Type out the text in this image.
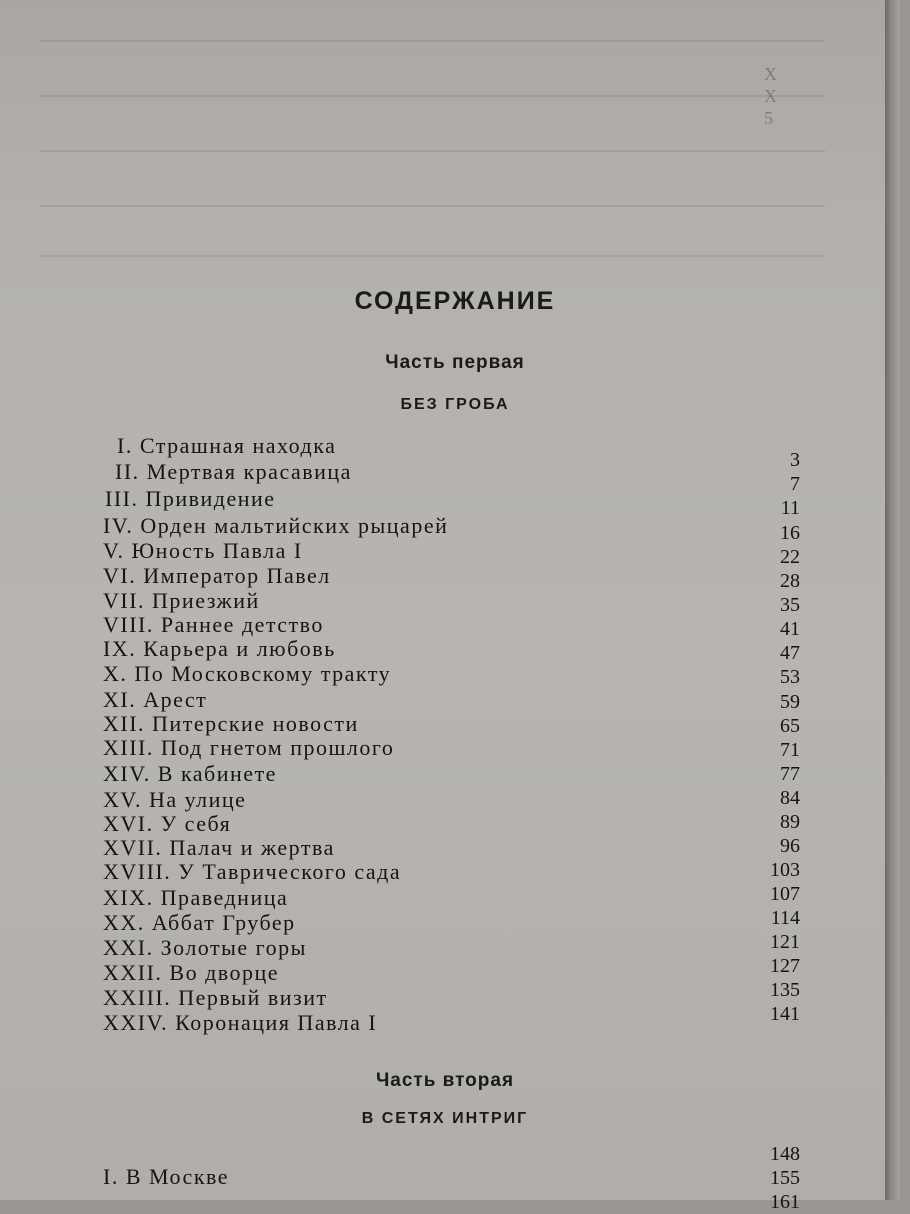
X
X
5
СОДЕРЖАНИЕ
Часть первая
БЕЗ ГРОБА
I. Страшная находка
II. Мертвая красавица
III. Привидение
IV. Орден мальтийских рыцарей
V. Юность Павла I
VI. Император Павел
VII. Приезжий
VIII. Раннее детство
IX. Карьера и любовь
X. По Московскому тракту
XI. Арест
XII. Питерские новости
XIII. Под гнетом прошлого
XIV. В кабинете
XV. На улице
XVI. У себя
XVII. Палач и жертва
XVIII. У Таврического сада
XIX. Праведница
XX. Аббат Грубер
XXI. Золотые горы
XXII. Во дворце
XXIII. Первый визит
XXIV. Коронация Павла I
I. В Москве
Часть вторая
В СЕТЯХ ИНТРИГ
3
7
11
16
22
28
35
41
47
53
59
65
71
77
84
89
96
103
107
114
121
127
135
141
148
155
161
